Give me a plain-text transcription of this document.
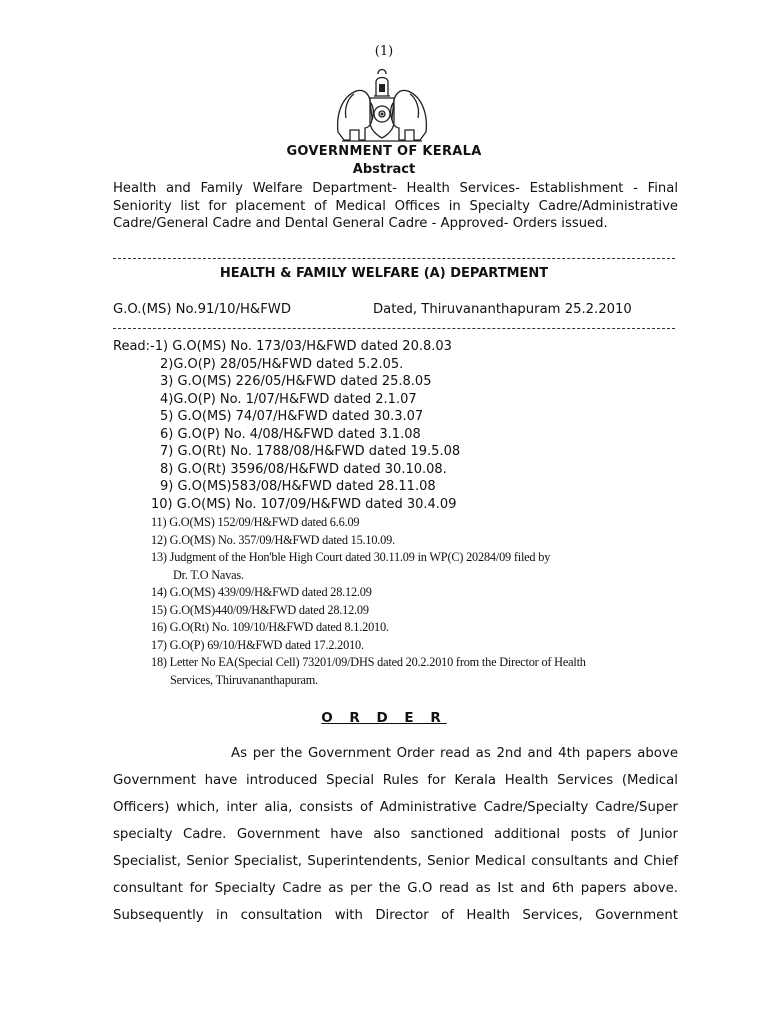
(1)
GOVERNMENT OF KERALA
Abstract
Health and Family Welfare Department- Health Services- Establishment - Final Seniority list for placement of Medical Offices in Specialty Cadre/Administrative Cadre/General Cadre and Dental General Cadre - Approved- Orders issued.
HEALTH & FAMILY WELFARE (A) DEPARTMENT
G.O.(MS) No.91/10/H&FWD	Dated, Thiruvananthapuram 25.2.2010
Read:-1) G.O(MS) No. 173/03/H&FWD dated 20.8.03
2)G.O(P) 28/05/H&FWD dated 5.2.05.
3) G.O(MS) 226/05/H&FWD dated 25.8.05
4)G.O(P) No. 1/07/H&FWD dated 2.1.07
5) G.O(MS) 74/07/H&FWD dated 30.3.07
6) G.O(P) No. 4/08/H&FWD dated 3.1.08
7) G.O(Rt) No. 1788/08/H&FWD dated 19.5.08
8) G.O(Rt) 3596/08/H&FWD dated 30.10.08.
9) G.O(MS)583/08/H&FWD dated 28.11.08
10) G.O(MS) No. 107/09/H&FWD dated 30.4.09
11) G.O(MS) 152/09/H&FWD dated 6.6.09
12) G.O(MS) No. 357/09/H&FWD dated 15.10.09.
13) Judgment of the Hon'ble High Court dated 30.11.09 in WP(C) 20284/09 filed by
Dr. T.O Navas.
14) G.O(MS) 439/09/H&FWD dated 28.12.09
15) G.O(MS)440/09/H&FWD dated 28.12.09
16) G.O(Rt) No. 109/10/H&FWD dated 8.1.2010.
17) G.O(P) 69/10/H&FWD dated 17.2.2010.
18) Letter No EA(Special Cell) 73201/09/DHS dated 20.2.2010 from the Director of Health
Services, Thiruvananthapuram.
O R D E R
As per the Government Order read as 2nd and 4th papers above Government have introduced Special Rules for Kerala Health Services (Medical Officers) which, inter alia, consists of Administrative Cadre/Specialty Cadre/Super specialty Cadre. Government have also sanctioned additional posts of Junior Specialist, Senior Specialist, Superintendents, Senior Medical consultants and Chief consultant for Specialty Cadre as per the G.O read as Ist and 6th papers above. Subsequently in consultation with Director of Health Services, Government
